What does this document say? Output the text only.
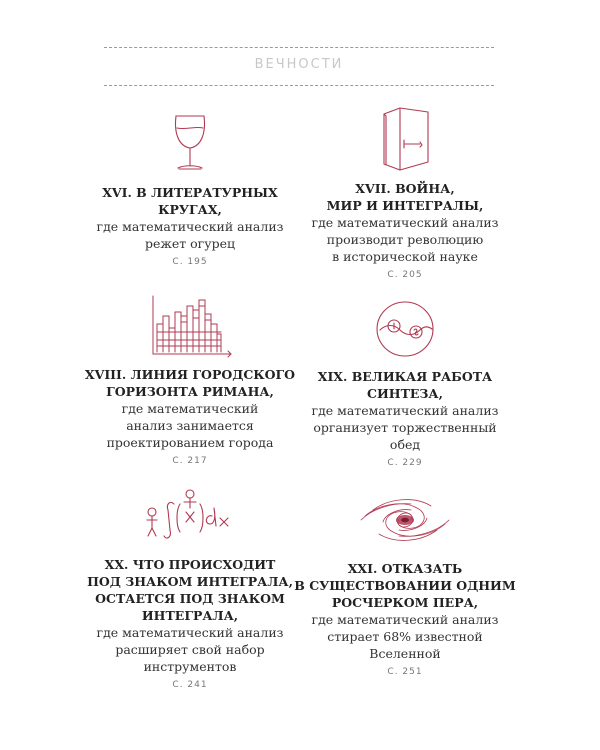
ВЕЧНОСТИ
XVI. В ЛИТЕРАТУРНЫХ
КРУГАХ,
где математический анализ
режет огурец
С. 195
XVII. ВОЙНА,
МИР И ИНТЕГРАЛЫ,
где математический анализ
производит революцию
в исторической науке
С. 205
XVIII. ЛИНИЯ ГОРОДСКОГО
ГОРИЗОНТА РИМАНА,
где математический
анализ занимается
проектированием города
С. 217
XIX. ВЕЛИКАЯ РАБОТА
СИНТЕЗА,
где математический анализ
организует торжественный
обед
С. 229
XX. ЧТО ПРОИСХОДИТ
ПОД ЗНАКОМ ИНТЕГРАЛА,
ОСТАЕТСЯ ПОД ЗНАКОМ
ИНТЕГРАЛА,
где математический анализ
расширяет свой набор
инструментов
С. 241
XXI. ОТКАЗАТЬ
В СУЩЕСТВОВАНИИ ОДНИМ
РОСЧЕРКОМ ПЕРА,
где математический анализ
стирает 68% известной
Вселенной
С. 251
